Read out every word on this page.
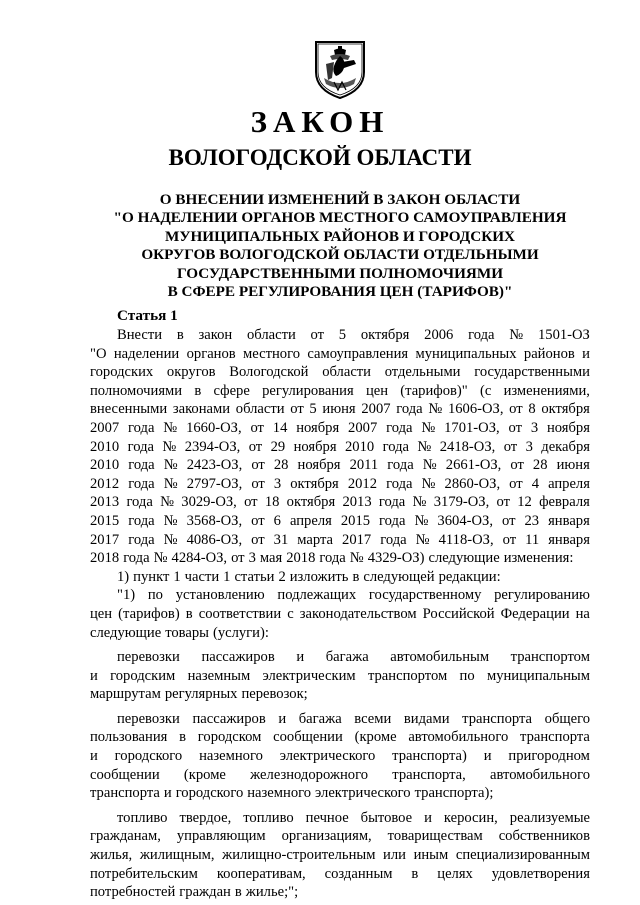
ЗАКОН
ВОЛОГОДСКОЙ ОБЛАСТИ
О ВНЕСЕНИИ ИЗМЕНЕНИЙ В ЗАКОН ОБЛАСТИ
"О НАДЕЛЕНИИ ОРГАНОВ МЕСТНОГО САМОУПРАВЛЕНИЯ
МУНИЦИПАЛЬНЫХ РАЙОНОВ И ГОРОДСКИХ
ОКРУГОВ ВОЛОГОДСКОЙ ОБЛАСТИ ОТДЕЛЬНЫМИ
ГОСУДАРСТВЕННЫМИ ПОЛНОМОЧИЯМИ
В СФЕРЕ РЕГУЛИРОВАНИЯ ЦЕН (ТАРИФОВ)"
Статья 1
Внести в закон области от 5 октября 2006 года № 1501-ОЗ
"О наделении органов местного самоуправления муниципальных районов и
городских округов Вологодской области отдельными государственными
полномочиями в сфере регулирования цен (тарифов)" (с изменениями,
внесенными законами области от 5 июня 2007 года № 1606-ОЗ, от 8 октября
2007 года № 1660-ОЗ, от 14 ноября 2007 года № 1701-ОЗ, от 3 ноября
2010 года № 2394-ОЗ, от 29 ноября 2010 года № 2418-ОЗ, от 3 декабря
2010 года № 2423-ОЗ, от 28 ноября 2011 года № 2661-ОЗ, от 28 июня
2012 года № 2797-ОЗ, от 3 октября 2012 года № 2860-ОЗ, от 4 апреля
2013 года № 3029-ОЗ, от 18 октября 2013 года № 3179-ОЗ, от 12 февраля
2015 года № 3568-ОЗ, от 6 апреля 2015 года № 3604-ОЗ, от 23 января
2017 года № 4086-ОЗ, от 31 марта 2017 года № 4118-ОЗ, от 11 января
2018 года № 4284-ОЗ, от 3 мая 2018 года № 4329-ОЗ) следующие изменения:
1) пункт 1 части 1 статьи 2 изложить в следующей редакции:
"1) по установлению подлежащих государственному регулированию
цен (тарифов) в соответствии с законодательством Российской Федерации на
следующие товары (услуги):
перевозки пассажиров и багажа автомобильным транспортом
и городским наземным электрическим транспортом по муниципальным
маршрутам регулярных перевозок;
перевозки пассажиров и багажа всеми видами транспорта общего
пользования в городском сообщении (кроме автомобильного транспорта
и городского наземного электрического транспорта) и пригородном
сообщении (кроме железнодорожного транспорта, автомобильного
транспорта и городского наземного электрического транспорта);
топливо твердое, топливо печное бытовое и керосин, реализуемые
гражданам, управляющим организациям, товариществам собственников
жилья, жилищным, жилищно-строительным или иным специализированным
потребительским кооперативам, созданным в целях удовлетворения
потребностей граждан в жилье;";
